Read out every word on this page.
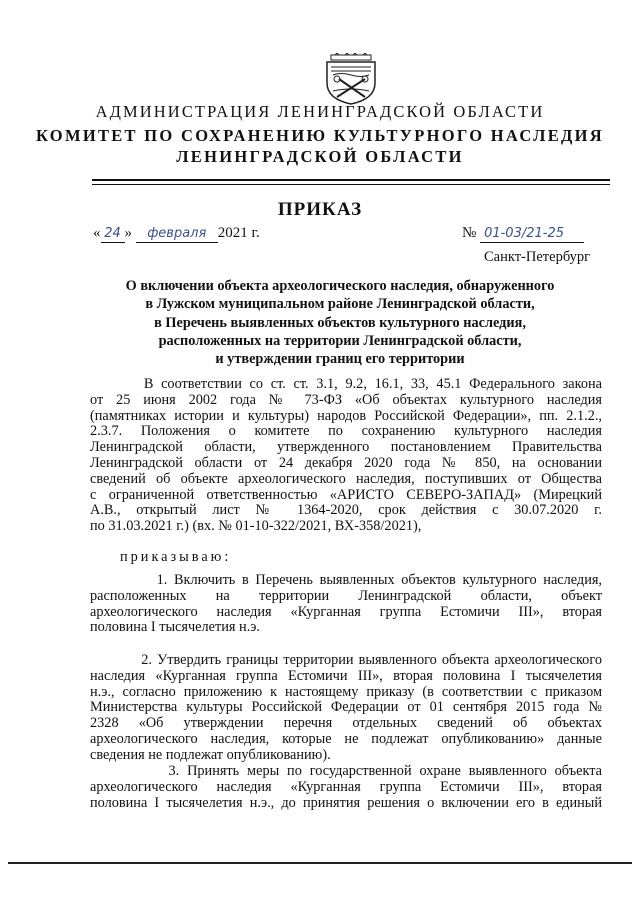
АДМИНИСТРАЦИЯ ЛЕНИНГРАДСКОЙ ОБЛАСТИ
КОМИТЕТ ПО СОХРАНЕНИЮ КУЛЬТУРНОГО НАСЛЕДИЯ
ЛЕНИНГРАДСКОЙ ОБЛАСТИ
ПРИКАЗ
« 24 » февраля 2021 г.	№ 01-03/21-25
Санкт-Петербург
О включении объекта археологического наследия, обнаруженного
в Лужском муниципальном районе Ленинградской области,
в Перечень выявленных объектов культурного наследия,
расположенных на территории Ленинградской области,
и утверждении границ его территории
В соответствии со ст. ст. 3.1, 9.2, 16.1, 33, 45.1 Федерального закона
от 25 июня 2002 года № 73-ФЗ «Об объектах культурного наследия
(памятниках истории и культуры) народов Российской Федерации», пп. 2.1.2.,
2.3.7. Положения о комитете по сохранению культурного наследия
Ленинградской области, утвержденного постановлением Правительства
Ленинградской области от 24 декабря 2020 года № 850, на основании
сведений об объекте археологического наследия, поступивших от Общества
с ограниченной ответственностью «АРИСТО СЕВЕРО-ЗАПАД» (Мирецкий
А.В., открытый лист № 1364-2020, срок действия с 30.07.2020 г.
по 31.03.2021 г.) (вх. № 01-10-322/2021, ВХ-358/2021),
приказываю:
1. Включить в Перечень выявленных объектов культурного наследия,
расположенных на территории Ленинградской области, объект
археологического наследия «Курганная группа Естомичи III», вторая
половина I тысячелетия н.э.
2. Утвердить границы территории выявленного объекта археологического
наследия «Курганная группа Естомичи III», вторая половина I тысячелетия
н.э., согласно приложению к настоящему приказу (в соответствии с приказом
Министерства культуры Российской Федерации от 01 сентября 2015 года №
2328 «Об утверждении перечня отдельных сведений об объектах
археологического наследия, которые не подлежат опубликованию» данные
сведения не подлежат опубликованию).
3. Принять меры по государственной охране выявленного объекта
археологического наследия «Курганная группа Естомичи III», вторая
половина I тысячелетия н.э., до принятия решения о включении его в единый
